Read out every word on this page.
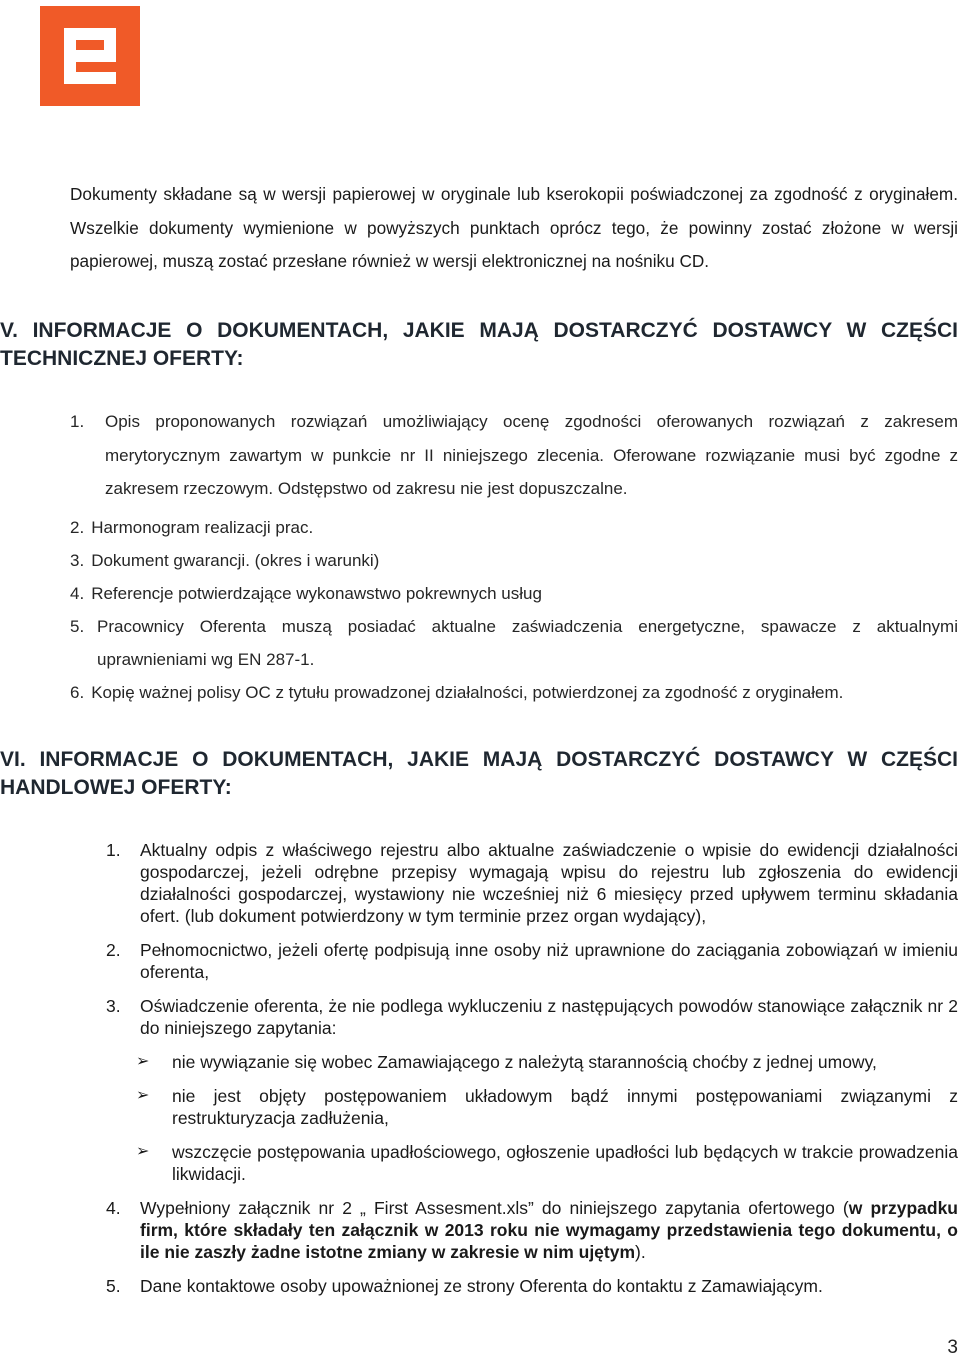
Dokumenty składane są w wersji papierowej w oryginale lub kserokopii poświadczonej za zgodność z oryginałem. Wszelkie dokumenty wymienione w powyższych punktach oprócz tego, że powinny zostać złożone w wersji papierowej, muszą zostać przesłane również w wersji elektronicznej na nośniku CD.

V. INFORMACJE O DOKUMENTACH, JAKIE MAJĄ DOSTARCZYĆ DOSTAWCY W CZĘŚCI TECHNICZNEJ OFERTY:
1.	Opis proponowanych rozwiązań umożliwiający ocenę zgodności oferowanych rozwiązań z zakresem merytorycznym zawartym w punkcie nr II niniejszego zlecenia. Oferowane rozwiązanie musi być zgodne z zakresem rzeczowym. Odstępstwo od zakresu nie jest dopuszczalne.
2. Harmonogram realizacji prac.
3. Dokument gwarancji. (okres i warunki)
4. Referencje potwierdzające wykonawstwo pokrewnych usług
5. Pracownicy Oferenta muszą posiadać aktualne zaświadczenia energetyczne, spawacze z aktualnymi uprawnieniami wg EN 287-1.
6. Kopię ważnej polisy OC z tytułu prowadzonej działalności, potwierdzonej za zgodność z oryginałem.
VI. INFORMACJE O DOKUMENTACH, JAKIE MAJĄ DOSTARCZYĆ DOSTAWCY W CZĘŚCI HANDLOWEJ OFERTY:
1.	Aktualny odpis z właściwego rejestru albo aktualne zaświadczenie o wpisie do ewidencji działalności gospodarczej, jeżeli odrębne przepisy wymagają wpisu do rejestru lub zgłoszenia do ewidencji działalności gospodarczej, wystawiony nie wcześniej niż 6 miesięcy przed upływem terminu składania ofert. (lub dokument potwierdzony w tym terminie przez organ wydający),
2.	Pełnomocnictwo, jeżeli ofertę podpisują inne osoby niż uprawnione do zaciągania zobowiązań w imieniu oferenta,
3.	Oświadczenie oferenta, że nie podlega wykluczeniu z następujących powodów stanowiące załącznik nr 2 do niniejszego zapytania:
➢	nie wywiązanie się wobec Zamawiającego z należytą starannością choćby z jednej umowy,
➢	nie jest objęty postępowaniem układowym bądź innymi postępowaniami związanymi z restrukturyzacja zadłużenia,
➢	wszczęcie postępowania upadłościowego, ogłoszenie upadłości lub będących w trakcie prowadzenia likwidacji.
4.	Wypełniony załącznik nr 2 „ First Assesment.xls” do niniejszego zapytania ofertowego (w przypadku firm, które składały ten załącznik w 2013 roku nie wymagamy przedstawienia tego dokumentu, o ile nie zaszły żadne istotne zmiany w zakresie w nim ujętym).
5.	Dane kontaktowe osoby upoważnionej ze strony Oferenta do kontaktu z Zamawiającym.
3
